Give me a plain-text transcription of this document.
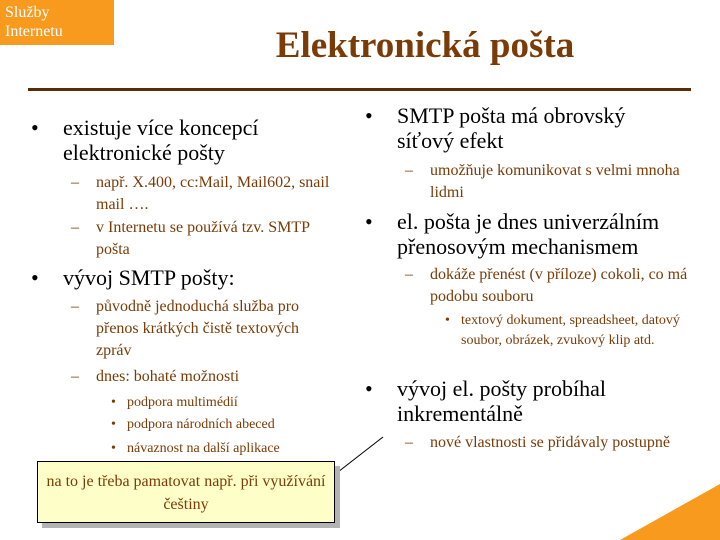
Služby
Internetu	Elektronická pošta
• existuje více koncepcí elektronické pošty
– např. X.400, cc:Mail, Mail602, snail mail ….
– v Internetu se používá tzv. SMTP pošta
• vývoj SMTP pošty:
– původně jednoduchá služba pro přenos krátkých čistě textových zpráv
– dnes: bohaté možnosti
• podpora multimédií
• podpora národních abeced
• návaznost na další aplikace
• SMTP pošta má obrovský síťový efekt
– umožňuje komunikovat s velmi mnoha lidmi
• el. pošta je dnes univerzálním přenosovým mechanismem
– dokáže přenést (v příloze) cokoli, co má podobu souboru
• textový dokument, spreadsheet, datový soubor, obrázek, zvukový klip atd.
• vývoj el. pošty probíhal inkrementálně
– nové vlastnosti se přidávaly postupně
na to je třeba pamatovat např. při využívání češtiny
